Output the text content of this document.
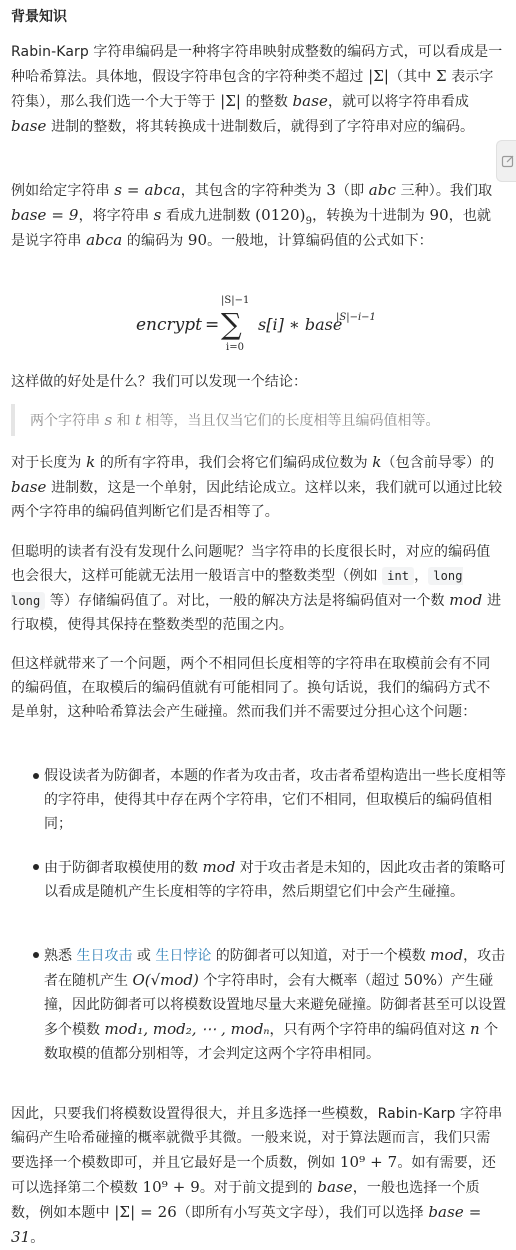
背景知识
Rabin-Karp 字符串编码是一种将字符串映射成整数的编码方式，可以看成是一种哈希算法。具体地，假设字符串包含的字符种类不超过 |Σ|（其中 Σ 表示字符集），那么我们选一个大于等于 |Σ| 的整数 base，就可以将字符串看成 base 进制的整数，将其转换成十进制数后，就得到了字符串对应的编码。
例如给定字符串 s = abca，其包含的字符种类为 3（即 abc 三种）。我们取 base = 9，将字符串 s 看成九进制数 $(0120)_9$，转换为十进制为 90，也就是说字符串 abca 的编码为 90。一般地，计算编码值的公式如下：
encrypt =
|S|−1
∑
i=0
s[i] ∗ base
|S|−i−1
这样做的好处是什么？我们可以发现一个结论：
两个字符串 s 和 t 相等，当且仅当它们的长度相等且编码值相等。
对于长度为 k 的所有字符串，我们会将它们编码成位数为 k（包含前导零）的 base 进制数，这是一个单射，因此结论成立。这样以来，我们就可以通过比较两个字符串的编码值判断它们是否相等了。
但聪明的读者有没有发现什么问题呢？当字符串的长度很长时，对应的编码值也会很大，这样可能就无法用一般语言中的整数类型（例如 int ， long long 等）存储编码值了。对比，一般的解决方法是将编码值对一个数 mod 进行取模，使得其保持在整数类型的范围之内。
但这样就带来了一个问题，两个不相同但长度相等的字符串在取模前会有不同的编码值，在取模后的编码值就有可能相同了。换句话说，我们的编码方式不是单射，这种哈希算法会产生碰撞。然而我们并不需要过分担心这个问题：
假设读者为防御者，本题的作者为攻击者，攻击者希望构造出一些长度相等的字符串，使得其中存在两个字符串，它们不相同，但取模后的编码值相同；
由于防御者取模使用的数 mod 对于攻击者是未知的，因此攻击者的策略可以看成是随机产生长度相等的字符串，然后期望它们中会产生碰撞。
熟悉 生日攻击 或 生日悖论 的防御者可以知道，对于一个模数 mod，攻击者在随机产生 O(√mod) 个字符串时，会有大概率（超过 50%）产生碰撞，因此防御者可以将模数设置地尽量大来避免碰撞。防御者甚至可以设置多个模数 mod₁, mod₂, ⋯ , modₙ，只有两个字符串的编码值对这 n 个数取模的值都分别相等，才会判定这两个字符串相同。
因此，只要我们将模数设置得很大，并且多选择一些模数，Rabin-Karp 字符串编码产生哈希碰撞的概率就微乎其微。一般来说，对于算法题而言，我们只需要选择一个模数即可，并且它最好是一个质数，例如 10⁹ + 7。如有需要，还可以选择第二个模数 10⁹ + 9。对于前文提到的 base，一般也选择一个质数，例如本题中 |Σ| = 26（即所有小写英文字母），我们可以选择 base = 31。
